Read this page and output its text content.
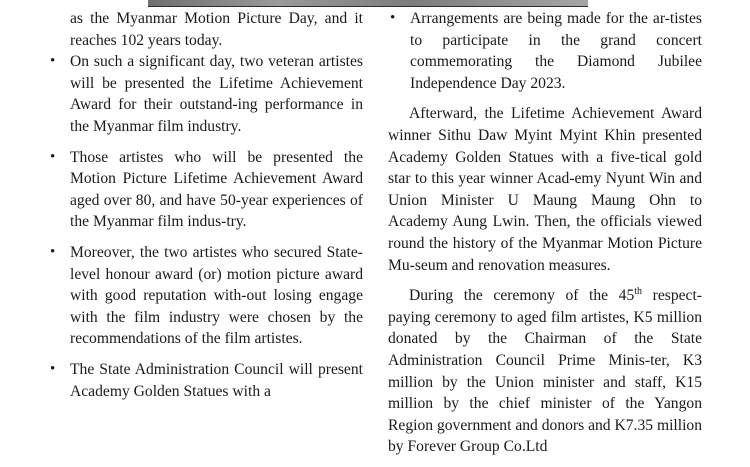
as the Myanmar Motion Picture Day, and it reaches 102 years today.

• On such a significant day, two veteran artistes will be presented the Lifetime Achievement Award for their outstand-ing performance in the Myanmar film industry.
• Those artistes who will be presented the Motion Picture Lifetime Achievement Award aged over 80, and have 50-year experiences of the Myanmar film indus-try.
• Moreover, the two artistes who secured State-level honour award (or) motion picture award with good reputation with-out losing engage with the film industry were chosen by the recommendations of the film artistes.
• The State Administration Council will present Academy Golden Statues with a
• Arrangements are being made for the ar-tistes to participate in the grand concert commemorating the Diamond Jubilee Independence Day 2023.

Afterward, the Lifetime Achievement Award winner Sithu Daw Myint Myint Khin presented Academy Golden Statues with a five-tical gold star to this year winner Acad-emy Nyunt Win and Union Minister U Maung Maung Ohn to Academy Aung Lwin. Then, the officials viewed round the history of the Myanmar Motion Picture Mu-seum and renovation measures.

During the ceremony of the 45th respect-paying ceremony to aged film artistes, K5 million donated by the Chairman of the State Administration Council Prime Minis-ter, K3 million by the Union minister and staff, K15 million by the chief minister of the Yangon Region government and donors and K7.35 million by Forever Group Co.Ltd
